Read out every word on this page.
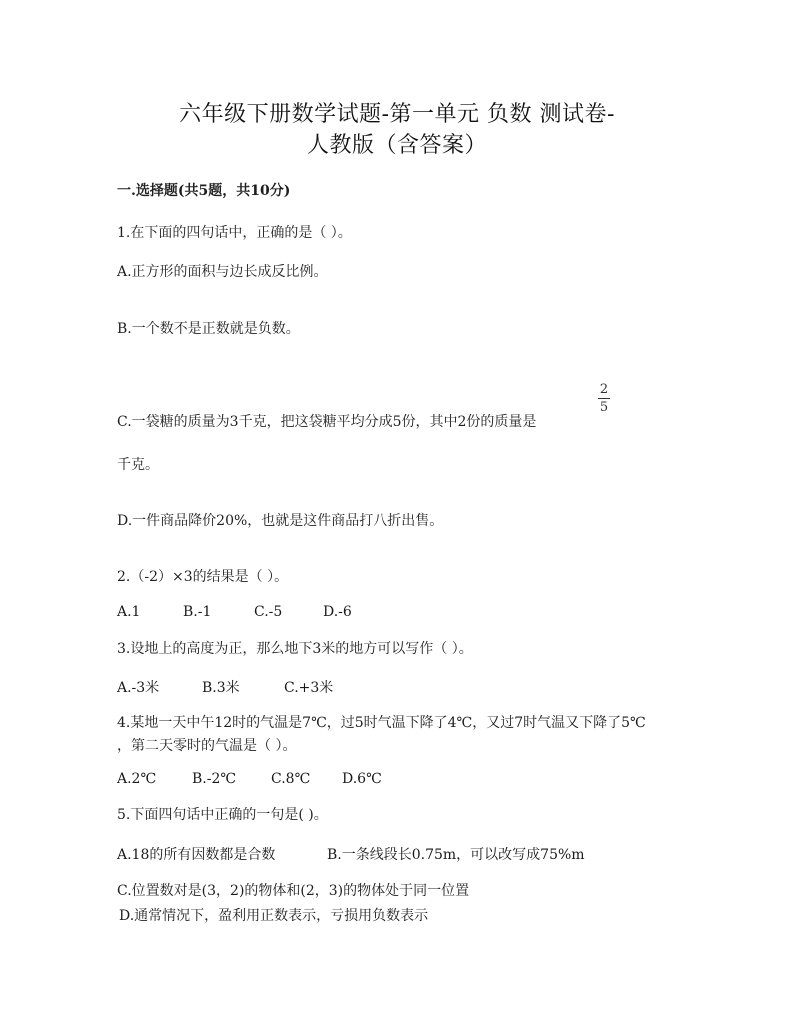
六年级下册数学试题-第一单元 负数 测试卷-
人教版（含答案）
一.选择题(共5题，共10分)
1.在下面的四句话中，正确的是（ ）。
A.正方形的面积与边长成反比例。
B.一个数不是正数就是负数。
2
5
C.一袋糖的质量为3千克，把这袋糖平均分成5份，其中2份的质量是
千克。
D.一件商品降价20%，也就是这件商品打八折出售。
2.（-2）×3的结果是（ ）。
A.1	B.-1	C.-5	D.-6
3.设地上的高度为正，那么地下3米的地方可以写作（ ）。
A.-3米	B.3米	C.+3米
4.某地一天中午12时的气温是7℃，过5时气温下降了4℃，又过7时气温又下降了5℃
，第二天零时的气温是（ ）。
A.2℃	B.-2℃ C.8℃ D.6℃
5.下面四句话中正确的一句是( )。
A.18的所有因数都是合数	B.一条线段长0.75m，可以改写成75%m
C.位置数对是(3，2)的物体和(2，3)的物体处于同一位置
D.通常情况下，盈利用正数表示，亏损用负数表示
